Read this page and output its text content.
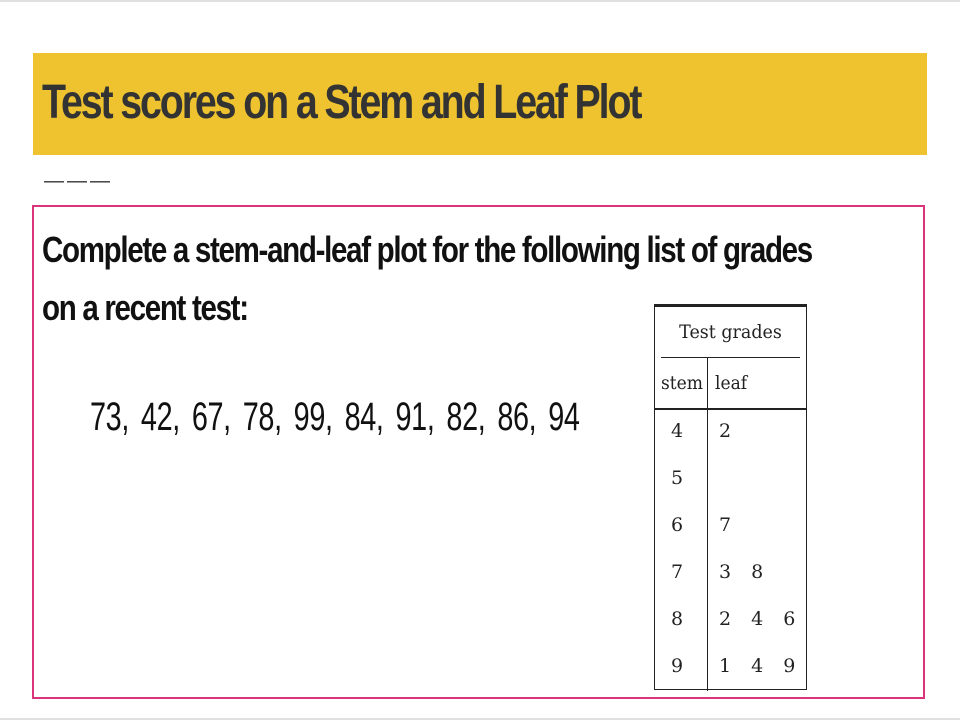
Test scores on a Stem and Leaf Plot
———
Complete a stem-and-leaf plot for the following list of grades on a recent test:
73, 42, 67, 78, 99, 84, 91, 82, 86, 94
Test grades
stem leaf
4 2
5
6 7
7 3 8
8 2 4 6
9 1 4 9
